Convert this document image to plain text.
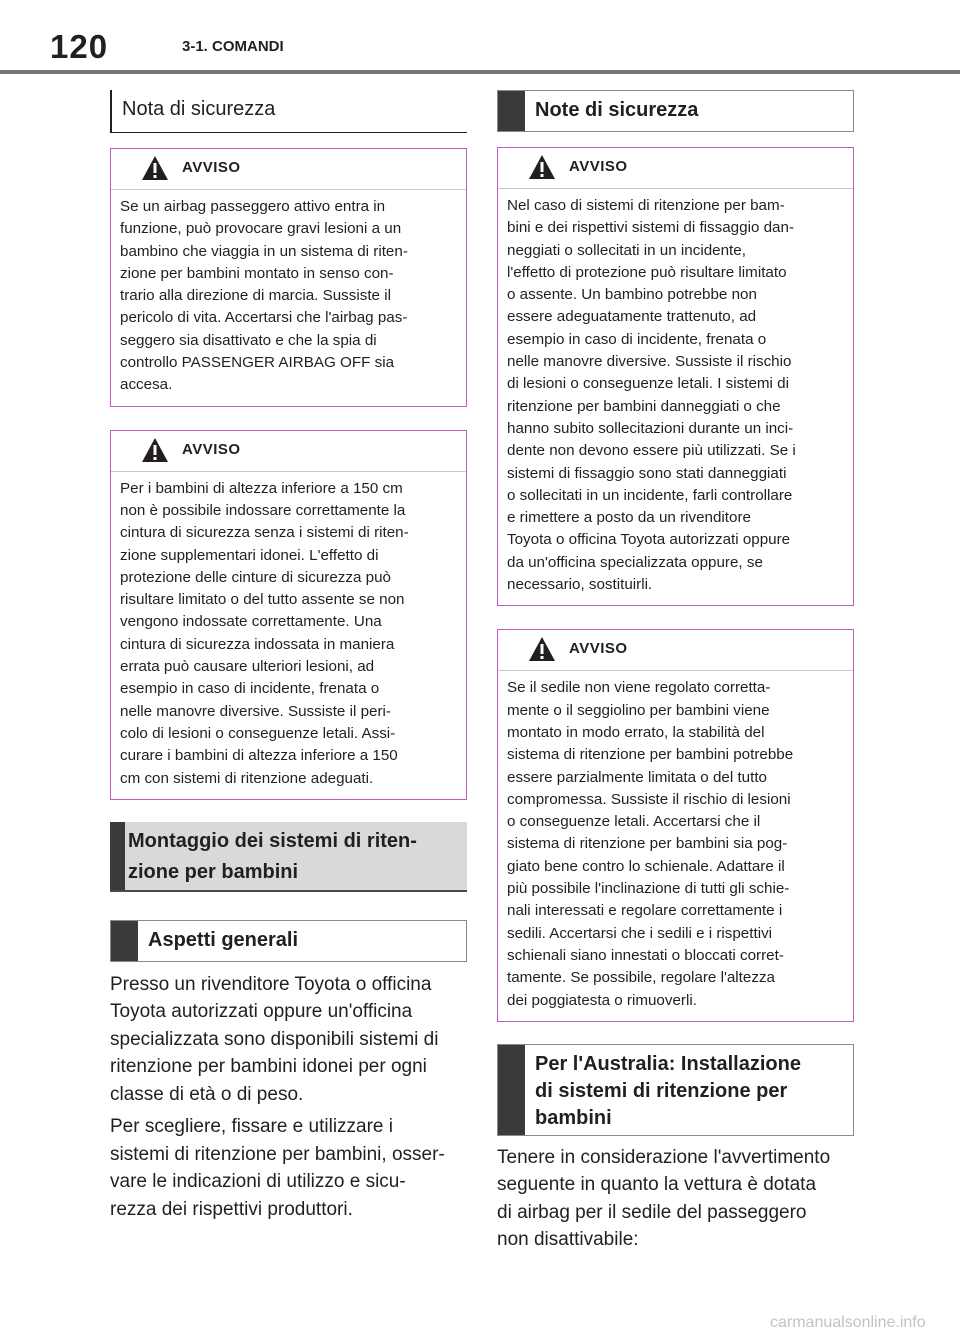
120	3-1. COMANDI
Nota di sicurezza
AVVISO
Se un airbag passeggero attivo entra in
funzione, può provocare gravi lesioni a un
bambino che viaggia in un sistema di riten-
zione per bambini montato in senso con-
trario alla direzione di marcia. Sussiste il
pericolo di vita. Accertarsi che l'airbag pas-
seggero sia disattivato e che la spia di
controllo PASSENGER AIRBAG OFF sia
accesa.
AVVISO
Per i bambini di altezza inferiore a 150 cm
non è possibile indossare correttamente la
cintura di sicurezza senza i sistemi di riten-
zione supplementari idonei. L'effetto di
protezione delle cinture di sicurezza può
risultare limitato o del tutto assente se non
vengono indossate correttamente. Una
cintura di sicurezza indossata in maniera
errata può causare ulteriori lesioni, ad
esempio in caso di incidente, frenata o
nelle manovre diversive. Sussiste il peri-
colo di lesioni o conseguenze letali. Assi-
curare i bambini di altezza inferiore a 150
cm con sistemi di ritenzione adeguati.
Montaggio dei sistemi di riten-
zione per bambini
Aspetti generali

Presso un rivenditore Toyota o officina

Toyota autorizzati oppure un'officina

specializzata sono disponibili sistemi di

ritenzione per bambini idonei per ogni

classe di età o di peso.

Per scegliere, fissare e utilizzare i

sistemi di ritenzione per bambini, osser-

vare le indicazioni di utilizzo e sicu-

rezza dei rispettivi produttori.

Note di sicurezza
AVVISO
Nel caso di sistemi di ritenzione per bam-
bini e dei rispettivi sistemi di fissaggio dan-
neggiati o sollecitati in un incidente,
l'effetto di protezione può risultare limitato
o assente. Un bambino potrebbe non
essere adeguatamente trattenuto, ad
esempio in caso di incidente, frenata o
nelle manovre diversive. Sussiste il rischio
di lesioni o conseguenze letali. I sistemi di
ritenzione per bambini danneggiati o che
hanno subito sollecitazioni durante un inci-
dente non devono essere più utilizzati. Se i
sistemi di fissaggio sono stati danneggiati
o sollecitati in un incidente, farli controllare
e rimettere a posto da un rivenditore
Toyota o officina Toyota autorizzati oppure
da un'officina specializzata oppure, se
necessario, sostituirli.
AVVISO
Se il sedile non viene regolato corretta-
mente o il seggiolino per bambini viene
montato in modo errato, la stabilità del
sistema di ritenzione per bambini potrebbe
essere parzialmente limitata o del tutto
compromessa. Sussiste il rischio di lesioni
o conseguenze letali. Accertarsi che il
sistema di ritenzione per bambini sia pog-
giato bene contro lo schienale. Adattare il
più possibile l'inclinazione di tutti gli schie-
nali interessati e regolare correttamente i
sedili. Accertarsi che i sedili e i rispettivi
schienali siano innestati o bloccati corret-
tamente. Se possibile, regolare l'altezza
dei poggiatesta o rimuoverli.
Per l'Australia: Installazione
di sistemi di ritenzione per
bambini

Tenere in considerazione l'avvertimento

seguente in quanto la vettura è dotata

di airbag per il sedile del passeggero

non disattivabile:

carmanualsonline.info
